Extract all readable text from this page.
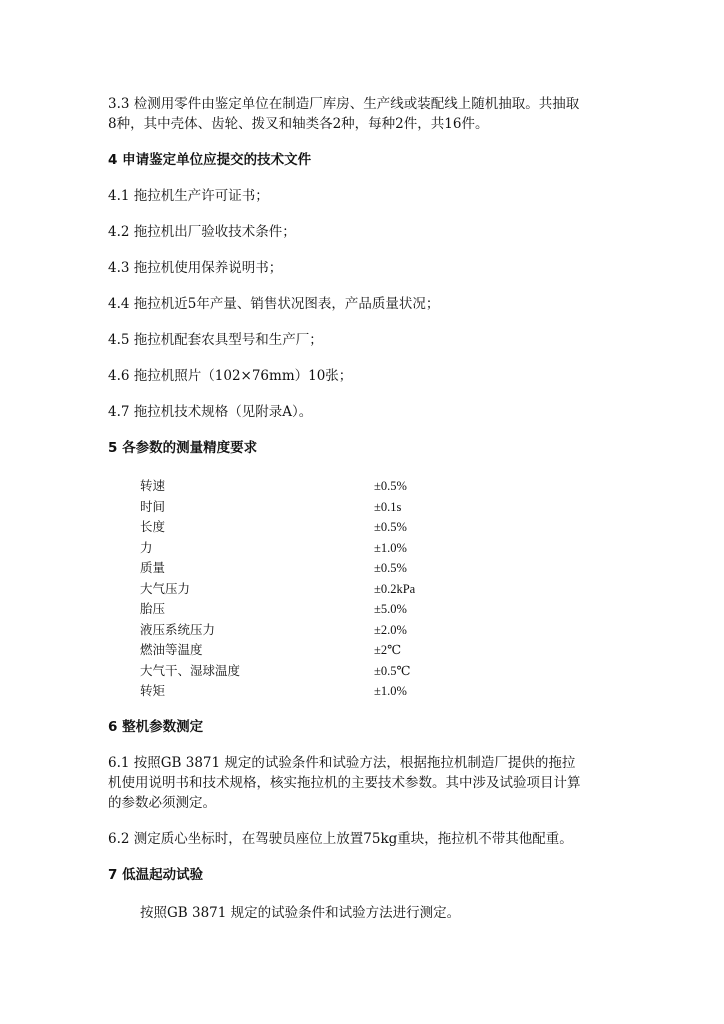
3.3 检测用零件由鉴定单位在制造厂库房、生产线或装配线上随机抽取。共抽取
8种，其中壳体、齿轮、拨叉和轴类各2种，每种2件，共16件。

4 申请鉴定单位应提交的技术文件

4.1 拖拉机生产许可证书；

4.2 拖拉机出厂验收技术条件；

4.3 拖拉机使用保养说明书；

4.4 拖拉机近5年产量、销售状况图表，产品质量状况；

4.5 拖拉机配套农具型号和生产厂；

4.6 拖拉机照片（102×76mm）10张；

4.7 拖拉机技术规格（见附录A）。

5 各参数的测量精度要求
转速	±0.5%
时间	±0.1s
长度	±0.5%
力	±1.0%
质量	±0.5%
大气压力	±0.2kPa
胎压	±5.0%
液压系统压力	±2.0%
燃油等温度	±2℃
大气干、湿球温度	±0.5℃
转矩	±1.0%
6 整机参数测定

6.1 按照GB 3871 规定的试验条件和试验方法，根据拖拉机制造厂提供的拖拉
机使用说明书和技术规格，核实拖拉机的主要技术参数。其中涉及试验项目计算
的参数必须测定。

6.2 测定质心坐标时，在驾驶员座位上放置75kg重块，拖拉机不带其他配重。

7 低温起动试验

按照GB 3871 规定的试验条件和试验方法进行测定。
